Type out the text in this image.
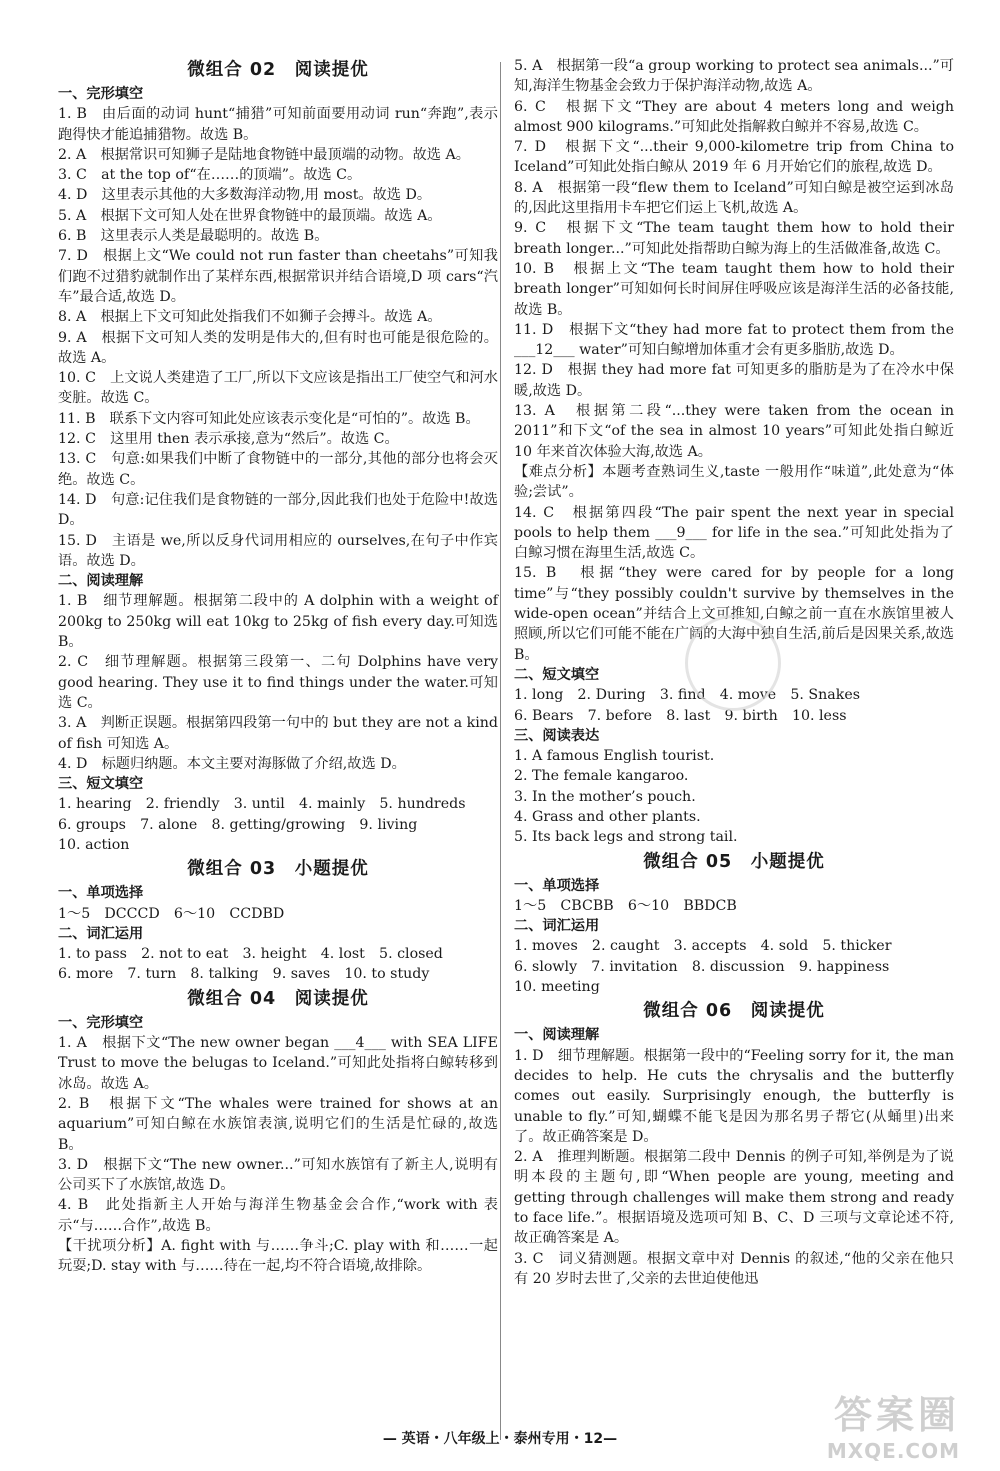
微组合 02　阅读提优
一、完形填空
1. B　由后面的动词 hunt“捕猎”可知前面要用动词 run“奔跑”,表示跑得快才能追捕猎物。故选 B。
2. A　根据常识可知狮子是陆地食物链中最顶端的动物。故选 A。
3. C　at the top of“在……的顶端”。故选 C。
4. D　这里表示其他的大多数海洋动物,用 most。故选 D。
5. A　根据下文可知人处在世界食物链中的最顶端。故选 A。
6. B　这里表示人类是最聪明的。故选 B。
7. D　根据上文“We could not run faster than cheetahs”可知我们跑不过猎豹就制作出了某样东西,根据常识并结合语境,D 项 cars“汽车”最合适,故选 D。
8. A　根据上下文可知此处指我们不如狮子会搏斗。故选 A。
9. A　根据下文可知人类的发明是伟大的,但有时也可能是很危险的。故选 A。
10. C　上文说人类建造了工厂,所以下文应该是指出工厂使空气和河水变脏。故选 C。
11. B　联系下文内容可知此处应该表示变化是“可怕的”。故选 B。
12. C　这里用 then 表示承接,意为“然后”。故选 C。
13. C　句意:如果我们中断了食物链中的一部分,其他的部分也将会灭绝。故选 C。
14. D　句意:记住我们是食物链的一部分,因此我们也处于危险中!故选 D。
15. D　主语是 we,所以反身代词用相应的 ourselves,在句子中作宾语。故选 D。
二、阅读理解
1. B　细节理解题。根据第二段中的 A dolphin with a weight of 200kg to 250kg will eat 10kg to 25kg of fish every day.可知选 B。
2. C　细节理解题。根据第三段第一、二句 Dolphins have very good hearing. They use it to find things under the water.可知选 C。
3. A　判断正误题。根据第四段第一句中的 but they are not a kind of fish 可知选 A。
4. D　标题归纳题。本文主要对海豚做了介绍,故选 D。
三、短文填空
1. hearing　2. friendly　3. until　4. mainly　5. hundreds
6. groups　7. alone　8. getting/growing　9. living
10. action
微组合 03　小题提优
一、单项选择
1～5　DCCCD　6～10　CCDBD
二、词汇运用
1. to pass　2. not to eat　3. height　4. lost　5. closed
6. more　7. turn　8. talking　9. saves　10. to study
微组合 04　阅读提优
一、完形填空
1. A　根据下文“The new owner began ___4___ with SEA LIFE Trust to move the belugas to Iceland.”可知此处指将白鲸转移到冰岛。故选 A。
2. B　根据下文“The whales were trained for shows at an aquarium”可知白鲸在水族馆表演,说明它们的生活是忙碌的,故选 B。
3. D　根据下文“The new owner...”可知水族馆有了新主人,说明有公司买下了水族馆,故选 D。
4. B　此处指新主人开始与海洋生物基金会合作,“work with 表示“与……合作”,故选 B。
【干扰项分析】A. fight with 与……争斗;C. play with 和……一起玩耍;D. stay with 与……待在一起,均不符合语境,故排除。
5. A　根据第一段“a group working to protect sea animals...”可知,海洋生物基金会致力于保护海洋动物,故选 A。
6. C　根据下文“They are about 4 meters long and weigh almost 900 kilograms.”可知此处指解救白鲸并不容易,故选 C。
7. D　根据下文“...their 9,000-kilometre trip from China to Iceland”可知此处指白鲸从 2019 年 6 月开始它们的旅程,故选 D。
8. A　根据第一段“flew them to Iceland”可知白鲸是被空运到冰岛的,因此这里指用卡车把它们运上飞机,故选 A。
9. C　根据下文“The team taught them how to hold their breath longer...”可知此处指帮助白鲸为海上的生活做准备,故选 C。
10. B　根据上文“The team taught them how to hold their breath longer”可知如何长时间屏住呼吸应该是海洋生活的必备技能,故选 B。
11. D　根据下文“they had more fat to protect them from the ___12___ water”可知白鲸增加体重才会有更多脂肪,故选 D。
12. D　根据 they had more fat 可知更多的脂肪是为了在冷水中保暖,故选 D。
13. A　根据第二段“...they were taken from the ocean in 2011”和下文“of the sea in almost 10 years”可知此处指白鲸近 10 年来首次体验大海,故选 A。
【难点分析】本题考查熟词生义,taste 一般用作“味道”,此处意为“体验;尝试”。
14. C　根据第四段“The pair spent the next year in special pools to help them ___9___ for life in the sea.”可知此处指为了白鲸习惯在海里生活,故选 C。
15. B　根据“they were cared for by people for a long time”与“they possibly couldn't survive by themselves in the wide-open ocean”并结合上文可推知,白鲸之前一直在水族馆里被人照顾,所以它们可能不能在广阔的大海中独自生活,前后是因果关系,故选 B。
二、短文填空
1. long　2. During　3. find　4. move　5. Snakes
6. Bears　7. before　8. last　9. birth　10. less
三、阅读表达
1. A famous English tourist.
2. The female kangaroo.
3. In the mother’s pouch.
4. Grass and other plants.
5. Its back legs and strong tail.
微组合 05　小题提优
一、单项选择
1～5　CBCBB　6～10　BBDCB
二、词汇运用
1. moves　2. caught　3. accepts　4. sold　5. thicker
6. slowly　7. invitation　8. discussion　9. happiness
10. meeting
微组合 06　阅读提优
一、阅读理解
1. D　细节理解题。根据第一段中的“Feeling sorry for it, the man decides to help. He cuts the chrysalis and the butterfly comes out easily. Surprisingly enough, the butterfly is unable to fly.”可知,蝴蝶不能飞是因为那名男子帮它(从蛹里)出来了。故正确答案是 D。
2. A　推理判断题。根据第二段中 Dennis 的例子可知,举例是为了说明本段的主题句,即“When people are young, meeting and getting through challenges will make them strong and ready to face life.”。根据语境及选项可知 B、C、D 三项与文章论述不符,故正确答案是 A。
3. C　词义猜测题。根据文章中对 Dennis 的叙述,“他的父亲在他只有 20 岁时去世了,父亲的去世迫使他迅
— 英语・八年级上・泰州专用・12—
答案圈
MXQE.COM
